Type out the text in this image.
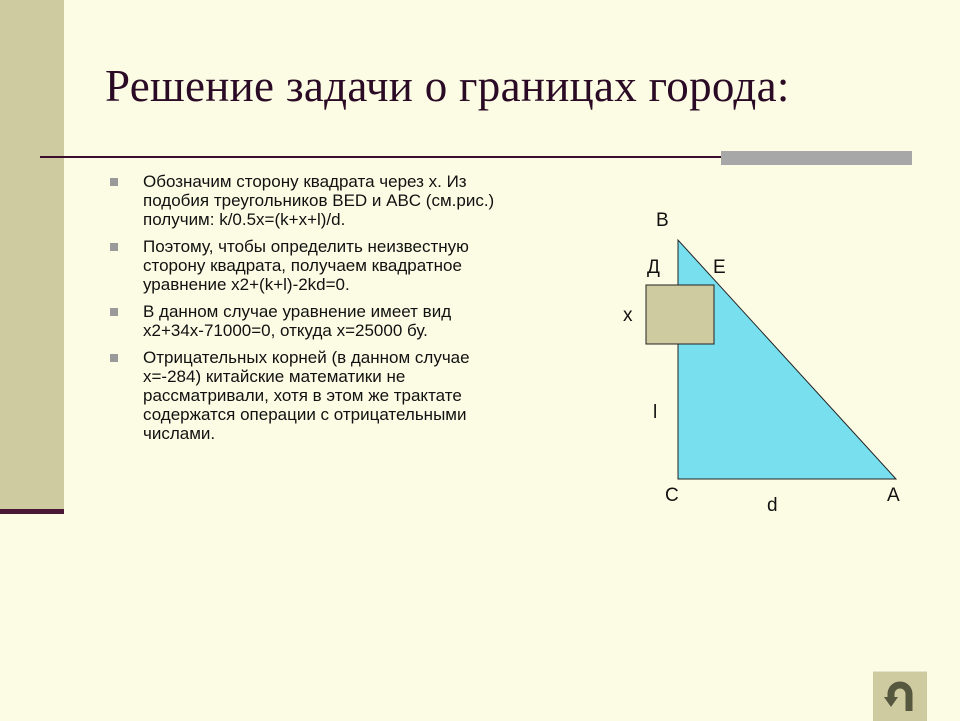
Решение задачи о границах города:
Обозначим сторону квадрата через x. Из подобия треугольников BED и ABC (см.рис.) получим: k/0.5x=(k+x+l)/d.
Поэтому, чтобы определить неизвестную сторону квадрата, получаем квадратное уравнение x2+(k+l)-2kd=0.
В данном случае уравнение имеет вид x2+34x-71000=0, откуда x=25000 бу.
Отрицательных корней (в данном случае x=-284) китайские математики не рассматривали, хотя в этом же трактате содержатся операции с отрицательными числами.
B
Д	E
x
l
C	d	A
